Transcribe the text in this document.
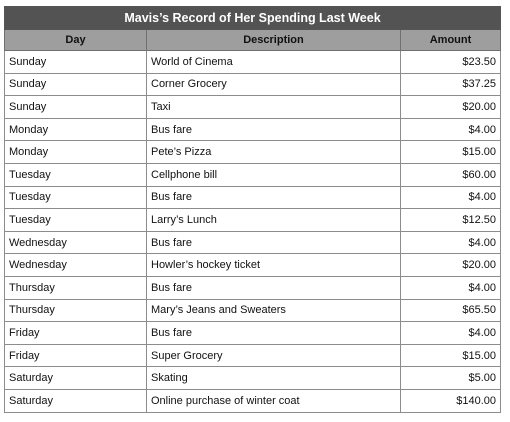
Mavis’s Record of Her Spending Last Week		
Day	Description	Amount
Sunday	World of Cinema	$23.50
Sunday	Corner Grocery	$37.25
Sunday	Taxi	$20.00
Monday	Bus fare	$4.00
Monday	Pete’s Pizza	$15.00
Tuesday	Cellphone bill	$60.00
Tuesday	Bus fare	$4.00
Tuesday	Larry’s Lunch	$12.50
Wednesday	Bus fare	$4.00
Wednesday	Howler’s hockey ticket	$20.00
Thursday	Bus fare	$4.00
Thursday	Mary’s Jeans and Sweaters	$65.50
Friday	Bus fare	$4.00
Friday	Super Grocery	$15.00
Saturday	Skating	$5.00
Saturday	Online purchase of winter coat	$140.00
